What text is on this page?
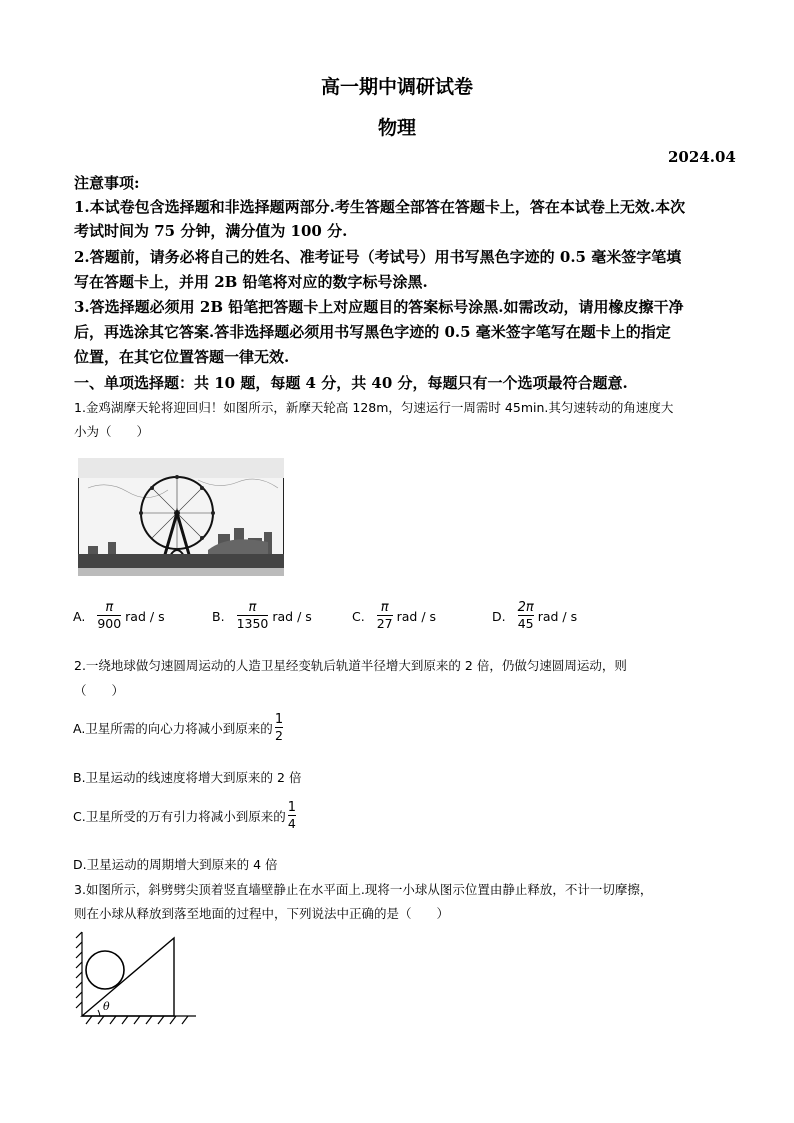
高一期中调研试卷
物理
2024.04
注意事项:
1.本试卷包含选择题和非选择题两部分.考生答题全部答在答题卡上，答在本试卷上无效.本次
考试时间为 75 分钟，满分值为 100 分.
2.答题前，请务必将自己的姓名、准考证号（考试号）用书写黑色字迹的 0.5 毫米签字笔填
写在答题卡上，并用 2B 铅笔将对应的数字标号涂黑.
3.答选择题必须用 2B 铅笔把答题卡上对应题目的答案标号涂黑.如需改动，请用橡皮擦干净
后，再选涂其它答案.答非选择题必须用书写黑色字迹的 0.5 毫米签字笔写在题卡上的指定
位置，在其它位置答题一律无效.
一、单项选择题：共 10 题，每题 4 分，共 40 分，每题只有一个选项最符合题意.
1.金鸡湖摩天轮将迎回归！如图所示，新摩天轮高 128m，匀速运行一周需时 45min.其匀速转动的角速度大
小为（　　）
A. $\frac{\pi}{900}$ rad / s	B. $\frac{\pi}{1350}$ rad / s	C. $\frac{\pi}{27}$ rad / s	D. $\frac{2\pi}{45}$ rad / s
2.一绕地球做匀速圆周运动的人造卫星经变轨后轨道半径增大到原来的 2 倍，仍做匀速圆周运动，则
（　　）
A.卫星所需的向心力将减小到原来的 $\frac{1}{2}$
B.卫星运动的线速度将增大到原来的 2 倍
C.卫星所受的万有引力将减小到原来的 $\frac{1}{4}$
D.卫星运动的周期增大到原来的 4 倍
3.如图所示，斜劈劈尖顶着竖直墙壁静止在水平面上.现将一小球从图示位置由静止释放，不计一切摩擦，
则在小球从释放到落至地面的过程中，下列说法中正确的是（　　）
θ
